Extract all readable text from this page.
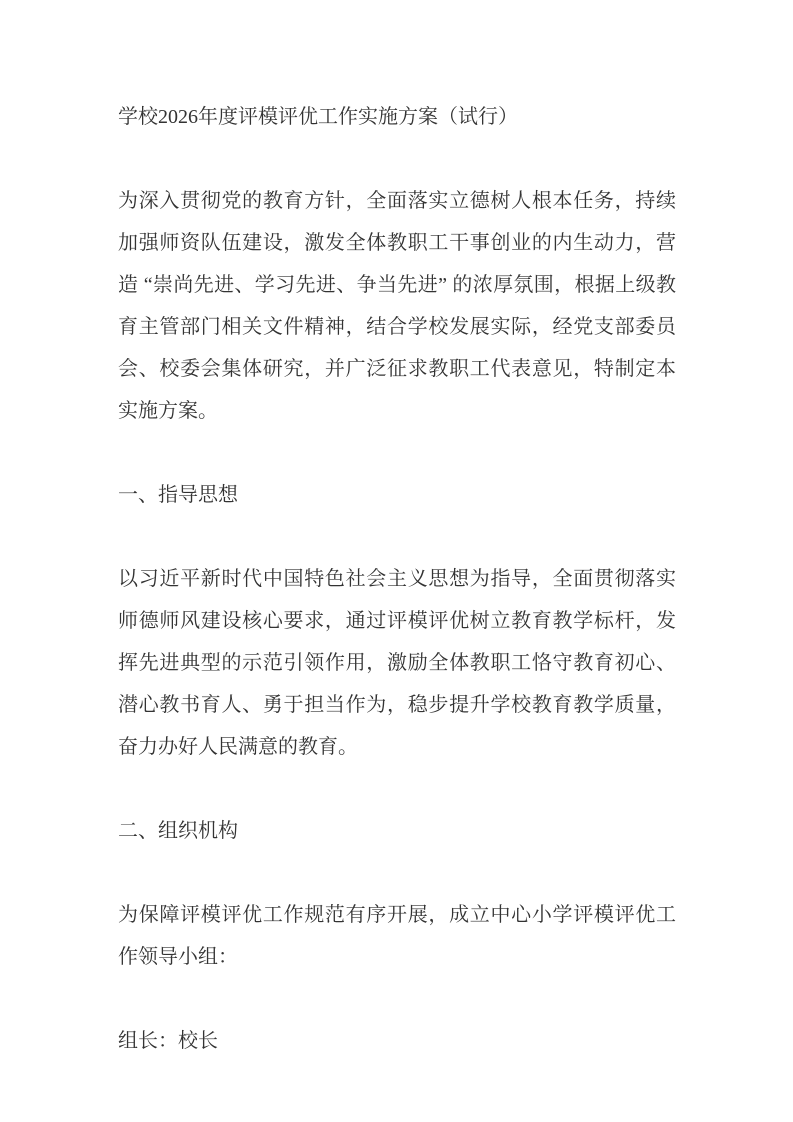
学校2026年度评模评优工作实施方案（试行）

为深入贯彻党的教育方针，全面落实立德树人根本任务，持续加强师资队伍建设，激发全体教职工干事创业的内生动力，营造 “崇尚先进、学习先进、争当先进” 的浓厚氛围，根据上级教育主管部门相关文件精神，结合学校发展实际，经党支部委员会、校委会集体研究，并广泛征求教职工代表意见，特制定本实施方案。

一、指导思想

以习近平新时代中国特色社会主义思想为指导，全面贯彻落实师德师风建设核心要求，通过评模评优树立教育教学标杆，发挥先进典型的示范引领作用，激励全体教职工恪守教育初心、潜心教书育人、勇于担当作为，稳步提升学校教育教学质量，奋力办好人民满意的教育。

二、组织机构

为保障评模评优工作规范有序开展，成立中心小学评模评优工作领导小组：

组长：校长
